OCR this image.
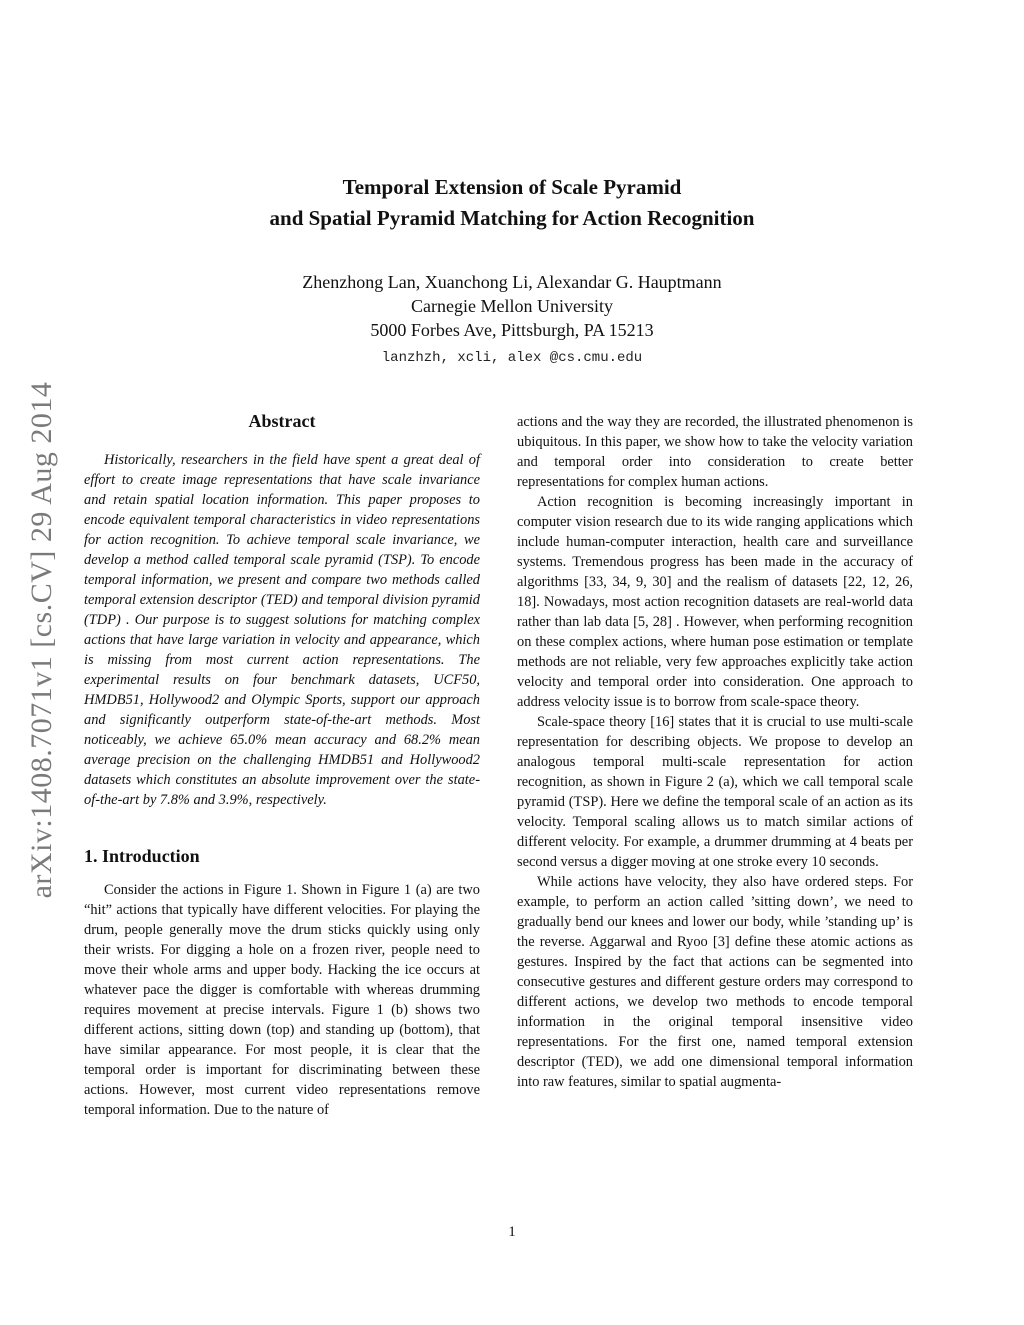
arXiv:1408.7071v1 [cs.CV] 29 Aug 2014
Temporal Extension of Scale Pyramid
and Spatial Pyramid Matching for Action Recognition
Zhenzhong Lan, Xuanchong Li, Alexandar G. Hauptmann
Carnegie Mellon University
5000 Forbes Ave, Pittsburgh, PA 15213
lanzhzh, xcli, alex @cs.cmu.edu
Abstract

Historically, researchers in the field have spent a great deal of effort to create image representations that have scale invariance and retain spatial location information. This paper proposes to encode equivalent temporal characteristics in video representations for action recognition. To achieve temporal scale invariance, we develop a method called temporal scale pyramid (TSP). To encode temporal information, we present and compare two methods called temporal extension descriptor (TED) and temporal division pyramid (TDP) . Our purpose is to suggest solutions for matching complex actions that have large variation in velocity and appearance, which is missing from most current action representations. The experimental results on four benchmark datasets, UCF50, HMDB51, Hollywood2 and Olympic Sports, support our approach and significantly outperform state-of-the-art methods. Most noticeably, we achieve 65.0% mean accuracy and 68.2% mean average precision on the challenging HMDB51 and Hollywood2 datasets which constitutes an absolute improvement over the state-of-the-art by 7.8% and 3.9%, respectively.

1. Introduction

Consider the actions in Figure 1. Shown in Figure 1 (a) are two “hit” actions that typically have different velocities. For playing the drum, people generally move the drum sticks quickly using only their wrists. For digging a hole on a frozen river, people need to move their whole arms and upper body. Hacking the ice occurs at whatever pace the digger is comfortable with whereas drumming requires movement at precise intervals. Figure 1 (b) shows two different actions, sitting down (top) and standing up (bottom), that have similar appearance. For most people, it is clear that the temporal order is important for discriminating between these actions. However, most current video representations remove temporal information. Due to the nature of

actions and the way they are recorded, the illustrated phenomenon is ubiquitous. In this paper, we show how to take the velocity variation and temporal order into consideration to create better representations for complex human actions.

Action recognition is becoming increasingly important in computer vision research due to its wide ranging applications which include human-computer interaction, health care and surveillance systems. Tremendous progress has been made in the accuracy of algorithms [33, 34, 9, 30] and the realism of datasets [22, 12, 26, 18]. Nowadays, most action recognition datasets are real-world data rather than lab data [5, 28] . However, when performing recognition on these complex actions, where human pose estimation or template methods are not reliable, very few approaches explicitly take action velocity and temporal order into consideration. One approach to address velocity issue is to borrow from scale-space theory.

Scale-space theory [16] states that it is crucial to use multi-scale representation for describing objects. We propose to develop an analogous temporal multi-scale representation for action recognition, as shown in Figure 2 (a), which we call temporal scale pyramid (TSP). Here we define the temporal scale of an action as its velocity. Temporal scaling allows us to match similar actions of different velocity. For example, a drummer drumming at 4 beats per second versus a digger moving at one stroke every 10 seconds.

While actions have velocity, they also have ordered steps. For example, to perform an action called ’sitting down’, we need to gradually bend our knees and lower our body, while ’standing up’ is the reverse. Aggarwal and Ryoo [3] define these atomic actions as gestures. Inspired by the fact that actions can be segmented into consecutive gestures and different gesture orders may correspond to different actions, we develop two methods to encode temporal information in the original temporal insensitive video representations. For the first one, named temporal extension descriptor (TED), we add one dimensional temporal information into raw features, similar to spatial augmenta-

1
